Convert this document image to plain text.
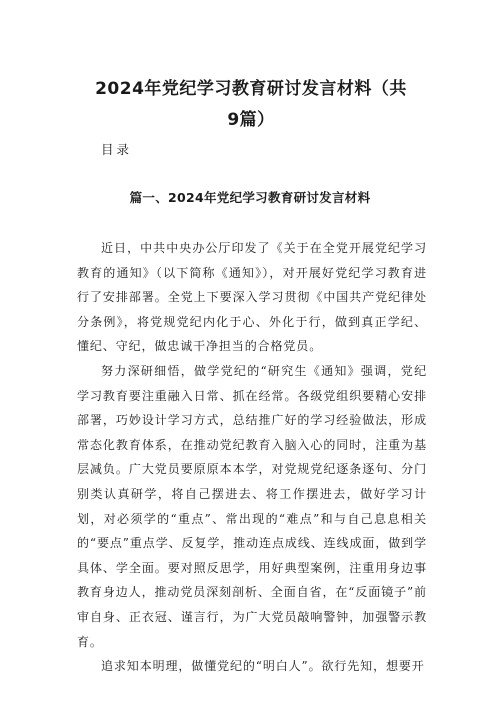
2024年党纪学习教育研讨发言材料（共9篇）
目录
篇一、2024年党纪学习教育研讨发言材料

近日，中共中央办公厅印发了《关于在全党开展党纪学习教育的通知》（以下简称《通知》），对开展好党纪学习教育进行了安排部署。全党上下要深入学习贯彻《中国共产党纪律处分条例》，将党规党纪内化于心、外化于行，做到真正学纪、懂纪、守纪，做忠诚干净担当的合格党员。

努力深研细悟，做学党纪的“研究生《通知》强调，党纪学习教育要注重融入日常、抓在经常。各级党组织要精心安排部署，巧妙设计学习方式，总结推广好的学习经验做法，形成常态化教育体系，在推动党纪教育入脑入心的同时，注重为基层减负。广大党员要原原本本学，对党规党纪逐条逐句、分门别类认真研学，将自己摆进去、将工作摆进去，做好学习计划，对必须学的“重点”、常出现的“难点”和与自己息息相关的“要点”重点学、反复学，推动连点成线、连线成面，做到学具体、学全面。要对照反思学，用好典型案例，注重用身边事教育身边人，推动党员深刻剖析、全面自省，在“反面镜子”前审自身、正衣冠、谨言行，为广大党员敲响警钟，加强警示教育。

追求知本明理，做懂党纪的“明白人”。欲行先知，想要开
